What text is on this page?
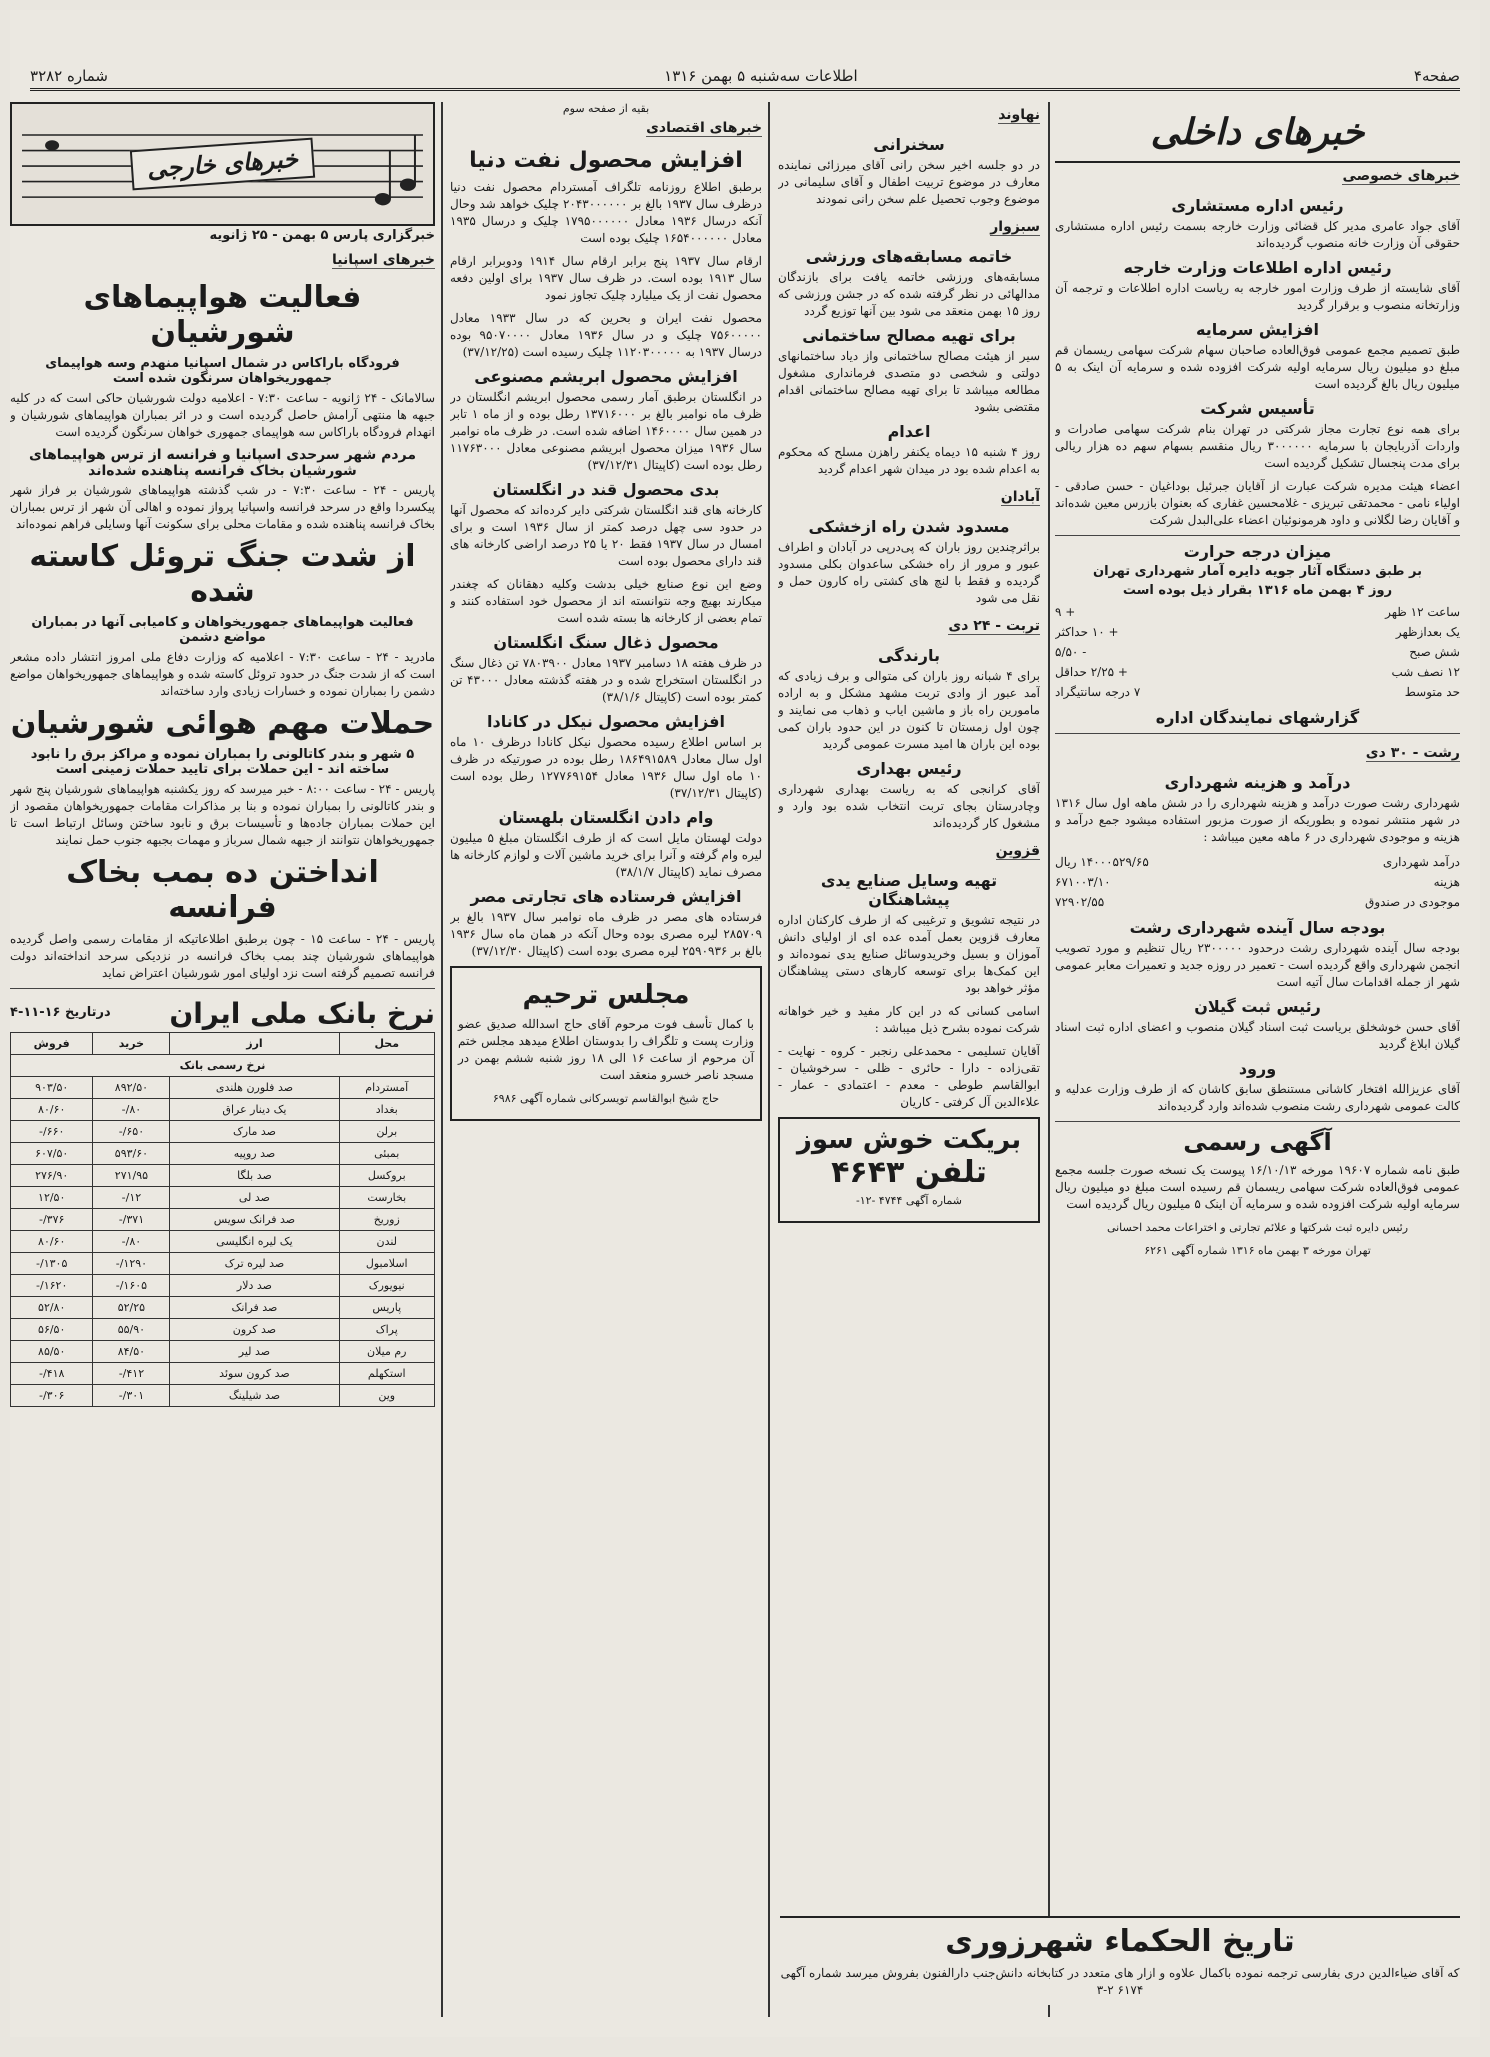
صفحه۴
اطلاعات سه‌شنبه ۵ بهمن ۱۳۱۶
شماره ۳۲۸۲
خبرهای داخلی
خبرهای خصوصی
رئیس اداره مستشاری

آقای جواد عامری مدیر کل قضائی وزارت خارجه بسمت رئیس اداره مستشاری حقوقی آن وزارت خانه منصوب گردیده‌اند

رئیس اداره اطلاعات وزارت خارجه

آقای شایسته از طرف وزارت امور خارجه به ریاست اداره اطلاعات و ترجمه آن وزارتخانه منصوب و برقرار گردید

افزایش سرمایه

طبق تصمیم مجمع عمومی فوق‌العاده صاحبان سهام شرکت سهامی ریسمان قم مبلغ دو میلیون ریال سرمایه اولیه شرکت افزوده شده و سرمایه آن اینک به ۵ میلیون ریال بالغ گردیده است

تأسیس شرکت

برای همه نوع تجارت مجاز شرکتی در تهران بنام شرکت سهامی صادرات و واردات آذربایجان با سرمایه ۳۰۰۰۰۰۰ ریال منقسم بسهام سهم ده هزار ریالی برای مدت پنجسال تشکیل گردیده است

اعضاء هیئت مدیره شرکت عبارت از آقایان جبرئیل بوداغیان - حسن صادقی - اولیاء نامی - محمدتقی تبریزی - غلامحسین غفاری که بعنوان بازرس معین شده‌اند و آقایان رضا لگلانی و داود هرمونوئیان اعضاء علی‌البدل شرکت

میزان درجه حرارت
بر طبق دستگاه آثار جویه دایره آمار شهرداری تهران
روز ۴ بهمن ماه ۱۳۱۶ بقرار ذیل بوده است
ساعت ۱۲ ظهر
+ ۹
یک بعدازظهر
+ ۱۰ حداکثر
شش صبح
- ۵/۵۰
۱۲ نصف شب
+ ۲/۲۵ حداقل
حد متوسط
۷ درجه سانتیگراد
گزارشهای نمایندگان اداره
رشت - ۳۰ دی
درآمد و هزینه شهرداری

شهرداری رشت صورت درآمد و هزینه شهرداری را در شش ماهه اول سال ۱۳۱۶ در شهر منتشر نموده و بطوریکه از صورت مزبور استفاده میشود جمع درآمد و هزینه و موجودی شهرداری در ۶ ماهه معین میباشد :

درآمد شهرداری
۱۴۰۰۰۵۲۹/۶۵ ریال
هزینه
۶۷۱۰۰۳/۱۰
موجودی در صندوق
۷۲۹۰۲/۵۵
بودجه سال آینده شهرداری رشت

بودجه سال آینده شهرداری رشت درحدود ۲۳۰۰۰۰۰ ریال تنظیم و مورد تصویب انجمن شهرداری واقع گردیده است - تعمیر در روزه جدید و تعمیرات معابر عمومی شهر از جمله اقدامات سال آتیه است

رئیس ثبت گیلان

آقای حسن خوشخلق بریاست ثبت اسناد گیلان منصوب و اعضای اداره ثبت اسناد گیلان ابلاغ گردید

ورود

آقای عزیزالله افتخار کاشانی مستنطق سابق کاشان که از طرف وزارت عدلیه و کالت عمومی شهرداری رشت منصوب شده‌اند وارد گردیده‌اند

آگهی رسمی

طبق نامه شماره ۱۹۶۰۷ مورخه ۱۶/۱۰/۱۳ پیوست یک نسخه صورت جلسه مجمع عمومی فوق‌العاده شرکت سهامی ریسمان قم رسیده است مبلغ دو میلیون ریال سرمایه اولیه شرکت افزوده شده و سرمایه آن اینک ۵ میلیون ریال گردیده است

رئیس دایره ثبت شرکتها و علائم تجارتی و اختراعات محمد احسانی

تهران مورخه ۳ بهمن ماه ۱۳۱۶ شماره آگهی ۶۲۶۱

تاریخ الحکماء شهرزوری

که آقای ضیاءالدین دری بفارسی ترجمه نموده باکمال علاوه و ازار های متعدد در کتابخانه دانش‌جنب دارالفنون بفروش میرسد شماره آگهی ۶۱۷۴ ۲-۳

نهاوند
سخنرانی

در دو جلسه اخیر سخن رانی آقای میرزائی نماینده معارف در موضوع تربیت اطفال و آقای سلیمانی در موضوع وجوب تحصیل علم سخن رانی نمودند

سبزوار
خاتمه مسابقه‌های ورزشی

مسابقه‌های ورزشی خاتمه یافت برای بازندگان مدالهائی در نظر گرفته شده که در جشن ورزشی که روز ۱۵ بهمن منعقد می شود بین آنها توزیع گردد

برای تهیه مصالح ساختمانی

سیر از هیئت مصالح ساختمانی واز دیاد ساختمانهای دولتی و شخصی دو متصدی فرمانداری مشغول مطالعه میباشد تا برای تهیه مصالح ساختمانی اقدام مقتضی بشود

اعدام

روز ۴ شنبه ۱۵ دیماه یکنفر راهزن مسلح که محکوم به اعدام شده بود در میدان شهر اعدام گردید

آبادان
مسدود شدن راه ازخشکی

براثرچندین روز باران که پی‌درپی در آبادان و اطراف عبور و مرور از راه خشکی ساعدوان بکلی مسدود گردیده و فقط با لنچ های کشتی راه کارون حمل و نقل می شود

تربت - ۲۴ دی
بارندگی

برای ۴ شبانه روز باران کی متوالی و برف زیادی که آمد عبور از وادی تربت مشهد مشکل و به اراده مامورین راه باز و ماشین ایاب و ذهاب می نمایند و چون اول زمستان تا کنون در این حدود باران کمی بوده این باران ها امید مسرت عمومی گردید

رئیس بهداری

آقای کرانجی که به ریاست بهداری شهرداری وچادرستان بجای تربت انتخاب شده بود وارد و مشغول کار گردیده‌اند

قزوین
تهیه وسایل صنایع یدی پیشاهنگان

در نتیجه تشویق و ترغیبی که از طرف کارکنان اداره معارف قزوین بعمل آمده عده ای از اولیای دانش آموزان و بسیل وخریدوسائل صنایع یدی نموده‌اند و این کمک‌ها برای توسعه کارهای دستی پیشاهنگان مؤثر خواهد بود

اسامی کسانی که در این کار مفید و خیر خواهانه شرکت نموده بشرح ذیل میباشد :

آقایان تسلیمی - محمدعلی رنجبر - کروه - نهایت - تقی‌زاده - دارا - حائری - ظلی - سرخوشیان - ابوالقاسم طوطی - معدم - اعتمادی - عمار - علاءالدین آل کرفتی - کاریان

بریکت خوش سوز
تلفن ۴۶۴۳

شماره آگهی ۴۷۴۴ -۱۲-

بقیه از صفحه سوم
خبرهای اقتصادی
افزایش محصول نفت دنیا

برطبق اطلاع روزنامه تلگراف آمستردام محصول نفت دنیا درظرف سال ۱۹۳۷ بالغ بر ۲۰۴۳۰۰۰۰۰۰ چلیک خواهد شد وحال آنکه درسال ۱۹۳۶ معادل ۱۷۹۵۰۰۰۰۰۰ چلیک و درسال ۱۹۳۵ معادل ۱۶۵۴۰۰۰۰۰۰ چلیک بوده است

ارقام سال ۱۹۳۷ پنج برابر ارقام سال ۱۹۱۴ ودوبرابر ارقام سال ۱۹۱۳ بوده است. در ظرف سال ۱۹۳۷ برای اولین دفعه محصول نفت از یک میلیارد چلیک تجاوز نمود

محصول نفت ایران و بحرین که در سال ۱۹۳۳ معادل ۷۵۶۰۰۰۰۰ چلیک و در سال ۱۹۳۶ معادل ۹۵۰۷۰۰۰۰ بوده درسال ۱۹۳۷ به ۱۱۲۰۳۰۰۰۰۰ چلیک رسیده است (۳۷/۱۲/۲۵)

افزایش محصول ابریشم مصنوعی

در انگلستان برطبق آمار رسمی محصول ابریشم انگلستان در ظرف ماه نوامبر بالغ بر ۱۳۷۱۶۰۰۰ رطل بوده و از ماه ۱ تابر در همین سال ۱۴۶۰۰۰۰ اضافه شده است. در ظرف ماه نوامبر سال ۱۹۳۶ میزان محصول ابریشم مصنوعی معادل ۱۱۷۶۳۰۰۰ رطل بوده است (کاپیتال ۳۷/۱۲/۳۱)

بدی محصول قند در انگلستان

کارخانه های قند انگلستان شرکتی دایر کرده‌اند که محصول آنها در حدود سی چهل درصد کمتر از سال ۱۹۳۶ است و برای امسال در سال ۱۹۳۷ فقط ۲۰ یا ۲۵ درصد اراضی کارخانه های قند دارای محصول بوده است

وضع این نوع صنایع خیلی بدشت وکلیه دهقانان که چغندر میکارند بهیچ وجه نتوانسته اند از محصول خود استفاده کنند و تمام بعضی از کارخانه ها بسته شده است

محصول ذغال سنگ انگلستان

در ظرف هفته ۱۸ دسامبر ۱۹۳۷ معادل ۷۸۰۳۹۰۰ تن ذغال سنگ در انگلستان استخراج شده و در هفته گذشته معادل ۴۳۰۰۰ تن کمتر بوده است (کاپیتال ۳۸/۱/۶)

افزایش محصول نیکل در کانادا

بر اساس اطلاع رسیده محصول نیکل کانادا درظرف ۱۰ ماه اول سال معادل ۱۸۶۴۹۱۵۸۹ رطل بوده در صورتیکه در ظرف ۱۰ ماه اول سال ۱۹۳۶ معادل ۱۲۷۷۶۹۱۵۴ رطل بوده است (کاپیتال ۳۷/۱۲/۳۱)

وام دادن انگلستان بلهستان

دولت لهستان مایل است که از طرف انگلستان مبلغ ۵ میلیون لیره وام گرفته و آنرا برای خرید ماشین آلات و لوازم کارخانه ها مصرف نماید (کاپیتال ۳۸/۱/۷)

افزایش فرستاده های تجارتی مصر

فرستاده های مصر در ظرف ماه نوامبر سال ۱۹۳۷ بالغ بر ۲۸۵۷۰۹ لیره مصری بوده وحال آنکه در همان ماه سال ۱۹۳۶ بالغ بر ۲۵۹۰۹۳۶ لیره مصری بوده است (کاپیتال ۳۷/۱۲/۳۰)

مجلس ترحیم

با کمال تأسف فوت مرحوم آقای حاج اسدالله صدیق عضو وزارت پست و تلگراف را بدوستان اطلاع میدهد مجلس ختم آن مرحوم از ساعت ۱۶ الی ۱۸ روز شنبه ششم بهمن در مسجد ناصر خسرو منعقد است

حاج شیخ ابوالقاسم تویسرکانی شماره آگهی ۶۹۸۶

خبرهای خارجی
خبرگزاری پارس ۵ بهمن - ۲۵ ژانویه
خبرهای اسپانیا
فعالیت هواپیماهای شورشیان
فرودگاه باراکاس در شمال اسپانیا منهدم وسه هواپیمای جمهوریخواهان سرنگون شده است

سالامانک - ۲۴ ژانویه - ساعت ۷:۳۰ - اعلامیه دولت شورشیان حاکی است که در کلیه جبهه ها منتهی آرامش حاصل گردیده است و در اثر بمباران هواپیماهای شورشیان و انهدام فرودگاه باراکاس سه هواپیمای جمهوری خواهان سرنگون گردیده است

مردم شهر سرحدی اسپانیا و فرانسه از ترس هواپیماهای شورشیان بخاک فرانسه پناهنده شده‌اند

پاریس - ۲۴ - ساعت ۷:۳۰ - در شب گذشته هواپیماهای شورشیان بر فراز شهر پیکسردا واقع در سرحد فرانسه واسپانیا پرواز نموده و اهالی آن شهر از ترس بمباران بخاک فرانسه پناهنده شده و مقامات محلی برای سکونت آنها وسایلی فراهم نموده‌اند

از شدت جنگ تروئل کاسته شده
فعالیت هواپیماهای جمهوریخواهان و کامیابی آنها در بمباران مواضع دشمن

مادرید - ۲۴ - ساعت ۷:۳۰ - اعلامیه که وزارت دفاع ملی امروز انتشار داده مشعر است که از شدت جنگ در حدود تروئل کاسته شده و هواپیماهای جمهوریخواهان مواضع دشمن را بمباران نموده و خسارات زیادی وارد ساخته‌اند

حملات مهم هوائی شورشیان
۵ شهر و بندر کاتالونی را بمباران نموده و مراکز برق را نابود ساخته اند - این حملات برای تایید حملات زمینی است

پاریس - ۲۴ - ساعت ۸:۰۰ - خبر میرسد که روز یکشنبه هواپیماهای شورشیان پنج شهر و بندر کاتالونی را بمباران نموده و بنا بر مذاکرات مقامات جمهوریخواهان مقصود از این حملات بمباران جاده‌ها و تأسیسات برق و نابود ساختن وسائل ارتباط است تا جمهوریخواهان نتوانند از جبهه شمال سرباز و مهمات بجبهه جنوب حمل نمایند

انداختن ده بمب بخاک فرانسه

پاریس - ۲۴ - ساعت ۱۵ - چون برطبق اطلاعاتیکه از مقامات رسمی واصل گردیده هواپیماهای شورشیان چند بمب بخاک فرانسه در نزدیکی سرحد انداخته‌اند دولت فرانسه تصمیم گرفته است نزد اولیای امور شورشیان اعتراض نماید

نرخ بانک ملی ایران
درتاریخ ۱۶-۱۱-۴
محل	ارز	خرید	فروش
نرخ رسمی بانک			
آمستردام	صد فلورن هلندی	۸۹۲/۵۰	۹۰۳/۵۰
بغداد	یک دینار عراق	۸۰/-	۸۰/۶۰
برلن	صد مارک	۶۵۰/-	۶۶۰/-
بمبئی	صد روپیه	۵۹۳/۶۰	۶۰۷/۵۰
بروکسل	صد بلگا	۲۷۱/۹۵	۲۷۶/۹۰
بخارست	صد لی	۱۲/-	۱۲/۵۰
زوریخ	صد فرانک سویس	۳۷۱/-	۳۷۶/-
لندن	یک لیره انگلیسی	۸۰/-	۸۰/۶۰
اسلامبول	صد لیره ترک	۱۲۹۰/-	۱۳۰۵/-
نیویورک	صد دلار	۱۶۰۵/-	۱۶۲۰/-
پاریس	صد فرانک	۵۲/۲۵	۵۲/۸۰
پراک	صد کرون	۵۵/۹۰	۵۶/۵۰
رم میلان	صد لیر	۸۴/۵۰	۸۵/۵۰
استکهلم	صد کرون سوئد	۴۱۲/-	۴۱۸/-
وین	صد شیلینگ	۳۰۱/-	۳۰۶/-
